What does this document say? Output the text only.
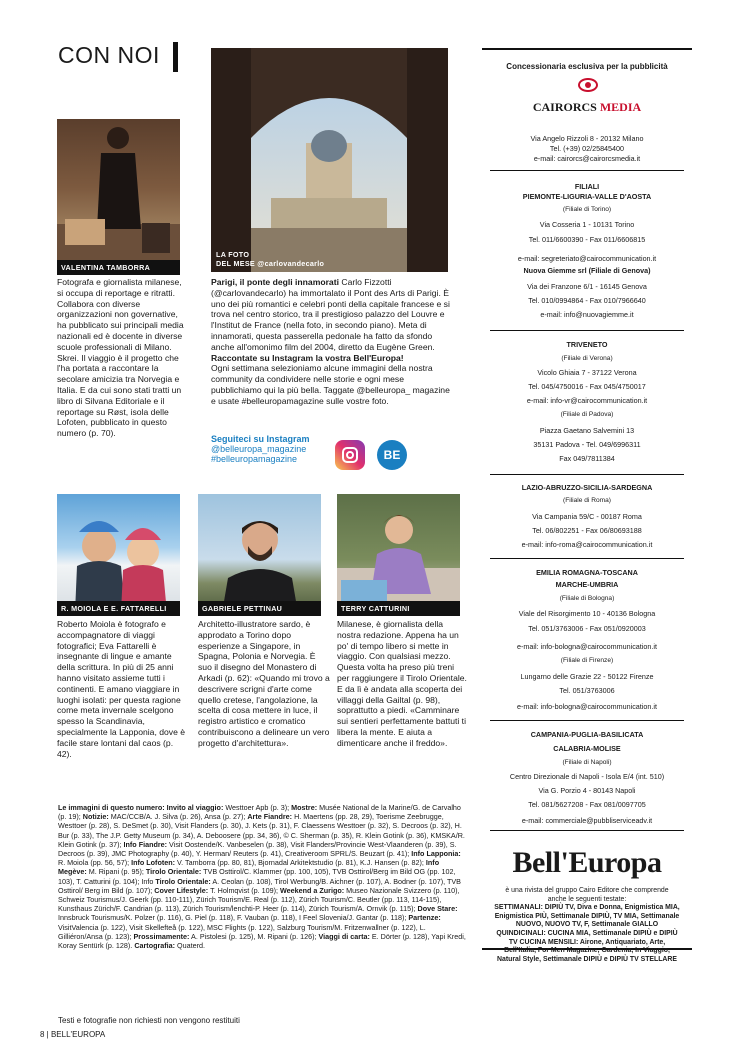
CON NOI
VALENTINA TAMBORRA
LA FOTO
DEL MESE @carlovandecarlo
Fotografa e giornalista milanese, si occupa di reportage e ritratti. Collabora con diverse organizzazioni non governative, ha pubblicato sui principali media nazionali ed è docente in diverse scuole professionali di Milano. Skrei. Il viaggio è il progetto che l'ha portata a raccontare la secolare amicizia tra Norvegia e Italia. E da cui sono stati tratti un libro di Silvana Editoriale e il reportage su Røst, isola delle Lofoten, pubblicato in questo numero (p. 70).
Parigi, il ponte degli innamorati Carlo Fizzotti (@carlovandecarlo) ha immortalato il Pont des Arts di Parigi. È uno dei più romantici e celebri ponti della capitale francese e si trova nel centro storico, tra il prestigioso palazzo del Louvre e l'Institut de France (nella foto, in secondo piano). Meta di innamorati, questa passerella pedonale ha fatto da sfondo anche all'omonimo film del 2004, diretto da Eugène Green.
Raccontate su Instagram la vostra Bell'Europa!
Ogni settimana selezioniamo alcune immagini della nostra community da condividere nelle storie e ogni mese pubblichiamo qui la più bella. Taggate @belleuropa_ magazine e usate #belleuropamagazine sulle vostre foto.
Seguiteci su Instagram
@belleuropa_magazine
#belleuropamagazine	BE
R. MOIOLA E E. FATTARELLI	GABRIELE PETTINAU	TERRY CATTURINI
Roberto Moiola è fotografo e accompagnatore di viaggi fotografici; Eva Fattarelli è insegnante di lingue e amante della scrittura. In più di 25 anni hanno visitato assieme tutti i continenti. E amano viaggiare in luoghi isolati: per questa ragione come meta invernale scelgono spesso la Scandinavia, specialmente la Lapponia, dove è facile stare lontani dal caos (p. 42).
Architetto-illustratore sardo, è approdato a Torino dopo esperienze a Singapore, in Spagna, Polonia e Norvegia. È suo il disegno del Monastero di Arkadi (p. 62): «Quando mi trovo a descrivere scrigni d'arte come quello cretese, l'angolazione, la scelta di cosa mettere in luce, il registro artistico e cromatico contribuiscono a delineare un vero progetto d'architettura».
Milanese, è giornalista della nostra redazione. Appena ha un po' di tempo libero si mette in viaggio. Con qualsiasi mezzo. Questa volta ha preso più treni per raggiungere il Tirolo Orientale. E da lì è andata alla scoperta dei villaggi della Gailtal (p. 98), soprattutto a piedi. «Camminare sui sentieri perfettamente battuti ti libera la mente. E aiuta a dimenticare anche il freddo».
Le immagini di questo numero: Invito al viaggio: Westtoer Apb (p. 3); Mostre: Musée National de la Marine/G. de Carvalho (p. 19); Notizie: MAC/CCB/A. J. Silva (p. 26), Ansa (p. 27); Arte Fiandre: H. Maertens (pp. 28, 29), Toerisme Zeebrugge, Westtoer (p. 28), S. DeSmet (p. 30), Visit Flanders (p. 30), J. Kets (p. 31), F. Claessens Westtoer (p. 32), S. Decroos (p. 32), H. Bur (p. 33), The J.P. Getty Museum (p. 34), A. Deboosere (pp. 34, 36), © C. Sherman (p. 35), R. Klein Gotink (p. 36), KMSKA/R. Klein Gotink (p. 37); Info Fiandre: Visit Oostende/K. Vanbeselen (p. 38), Visit Flanders/Provincie West-Vlaanderen (p. 39), S. Decroos (p. 39), JMC Photography (p. 40), Y. Herman/ Reuters (p. 41), Creativeroom SPRL/S. Beuzart (p. 41); Info Lapponia: R. Moiola (pp. 56, 57); Info Lofoten: V. Tamborra (pp. 80, 81), Bjornadal Arkitektstudio (p. 81), K.J. Hansen (p. 82); Info Megève: M. Ripani (p. 95); Tirolo Orientale: TVB Osttirol/C. Klammer (pp. 100, 105), TVB Osttirol/Berg im Bild OG (pp. 102, 103), T. Catturini (p. 104); Info Tirolo Orientale: A. Ceolan (p. 108), Tirol Werbung/B. Aichner (p. 107), A. Bodner (p. 107), TVB Osttirol/ Berg im Bild (p. 107); Cover Lifestyle: T. Holmqvist (p. 109); Weekend a Zurigo: Museo Nazionale Svizzero (p. 110), Schweiz Tourismus/J. Geerk (pp. 110-111), Zürich Tourism/E. Real (p. 112), Zürich Tourism/C. Beutler (pp. 113, 114-115), Kunsthaus Zürich/F. Candrian (p. 113), Zürich Tourism/lenchti-P. Heer (p. 114), Zürich Tourism/A. Ornvik (p. 115); Dove Stare: Innsbruck Tourismus/K. Polzer (p. 116), G. Piel (p. 118), F. Vauban (p. 118), I Feel Slovenia/J. Gantar (p. 118); Partenze: VisitValencia (p. 122), Visit Skellefteå (p. 122), MSC Flights (p. 122), Salzburg Tourism/M. Fritzenwallner (p. 122), L. Gilliéron/Ansa (p. 123); Prossimamente: A. Pistolesi (p. 125), M. Ripani (p. 126); Viaggi di carta: E. Dörter (p. 128), Yapi Kredi, Koray Sentürk (p. 128). Cartografia: Quaterd.
Testi e fotografie non richiesti non vengono restituiti
8 | BELL'EUROPA
Concessionaria esclusiva per la pubblicità
CAIRORCS MEDIA
Via Angelo Rizzoli 8 - 20132 Milano
Tel. (+39) 02/25845400
e-mail: cairorcs@cairorcsmedia.it
FILIALI
PIEMONTE-LIGURIA-VALLE D'AOSTA
(Filiale di Torino)
Via Cosseria 1 - 10131 Torino
Tel. 011/6600390 - Fax 011/6606815
e-mail: segreteriato@cairocommunication.it
Nuova Giemme srl (Filiale di Genova)
Via dei Franzone 6/1 - 16145 Genova
Tel. 010/0994864 - Fax 010/7966640
e-mail: info@nuovagiemme.it
TRIVENETO
(Filiale di Verona)
Vicolo Ghiaia 7 - 37122 Verona
Tel. 045/4750016 - Fax 045/4750017
e-mail: info-vr@cairocommunication.it
(Filiale di Padova)
Piazza Gaetano Salvemini 13
35131 Padova - Tel. 049/6996311
Fax 049/7811384
LAZIO-ABRUZZO-SICILIA-SARDEGNA
(Filiale di Roma)
Via Campania 59/C - 00187 Roma
Tel. 06/802251 - Fax 06/80693188
e-mail: info-roma@cairocommunication.it
EMILIA ROMAGNA-TOSCANA
MARCHE-UMBRIA
(Filiale di Bologna)
Viale del Risorgimento 10 - 40136 Bologna
Tel. 051/3763006 - Fax 051/0920003
e-mail: info-bologna@cairocommunication.it
(Filiale di Firenze)
Lungarno delle Grazie 22 - 50122 Firenze
Tel. 051/3763006
e-mail: info-bologna@cairocommunication.it
CAMPANIA-PUGLIA-BASILICATA
CALABRIA-MOLISE
(Filiale di Napoli)
Centro Direzionale di Napoli - Isola E/4 (int. 510)
Via G. Porzio 4 - 80143 Napoli
Tel. 081/5627208 - Fax 081/0097705
e-mail: commerciale@pubbliserviceadv.it
Bell'Europa
è una rivista del gruppo Cairo Editore che comprende
anche le seguenti testate:
SETTIMANALI: DIPIÙ TV, Diva e Donna, Enigmistica MIA,
Enigmistica PIÙ, Settimanale DIPIÙ, TV MIA, Settimanale
NUOVO, NUOVO TV, F, Settimanale GIALLO
QUINDICINALI: CUCINA MIA, Settimanale DIPIÙ e DIPIÙ
TV CUCINA MENSILI: Airone, Antiquariato, Arte,
Bell'Italia, For Men Magazine, Gardenia, In Viaggio,
Natural Style, Settimanale DIPIÙ e DIPIÙ TV STELLARE
